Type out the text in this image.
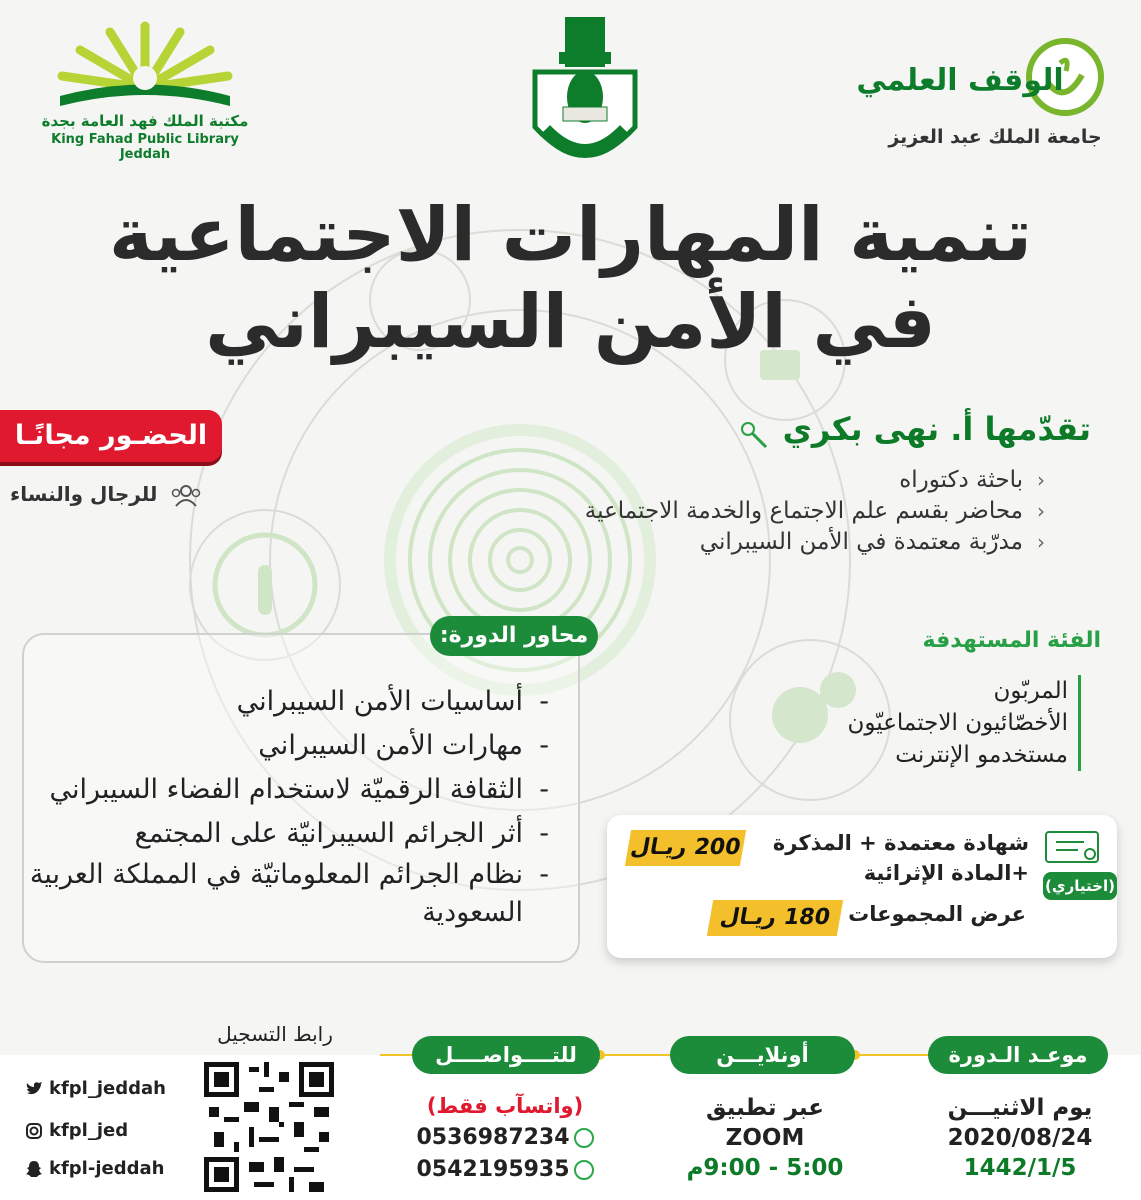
مكتبة الملك فهد العامة بجدة
King Fahad Public Library Jeddah
الوقف العلمي
جامعة الملك عبد العزيز
تنمية المهارات الاجتماعية
في الأمن السيبراني
تقدّمها أ. نهى بكري
‹ باحثة دكتوراه
‹ محاضر بقسم علم الاجتماع والخدمة الاجتماعية
‹ مدرّبة معتمدة في الأمن السيبراني
الحضـور مجانًـا
للرجال والنساء
محاور الدورة:
- أساسيات الأمن السيبراني
- مهارات الأمن السيبراني
- الثقافة الرقميّة لاستخدام الفضاء السيبراني
- أثر الجرائم السيبرانيّة على المجتمع
- نظام الجرائم المعلوماتيّة في المملكة العربية السعودية
الفئة المستهدفة
المربّون
الأخصّائيون الاجتماعيّون
مستخدمو الإنترنت
شهادة معتمدة + المذكرة
+المادة الإثرائية
200 ريـال
(اختياري)
عرض المجموعات
180 ريـال
موعـد الـدورة
أونلايـــن
للتــــواصــــل
يوم الاثنيـــن
2020/08/24
1442/1/5
عبر تطبيق
ZOOM
5:00 - 9:00م
(واتسآب فقط)
0536987234
0542195935
رابط التسجيل
kfpl_jeddah
kfpl_jed
kfpl-jeddah
